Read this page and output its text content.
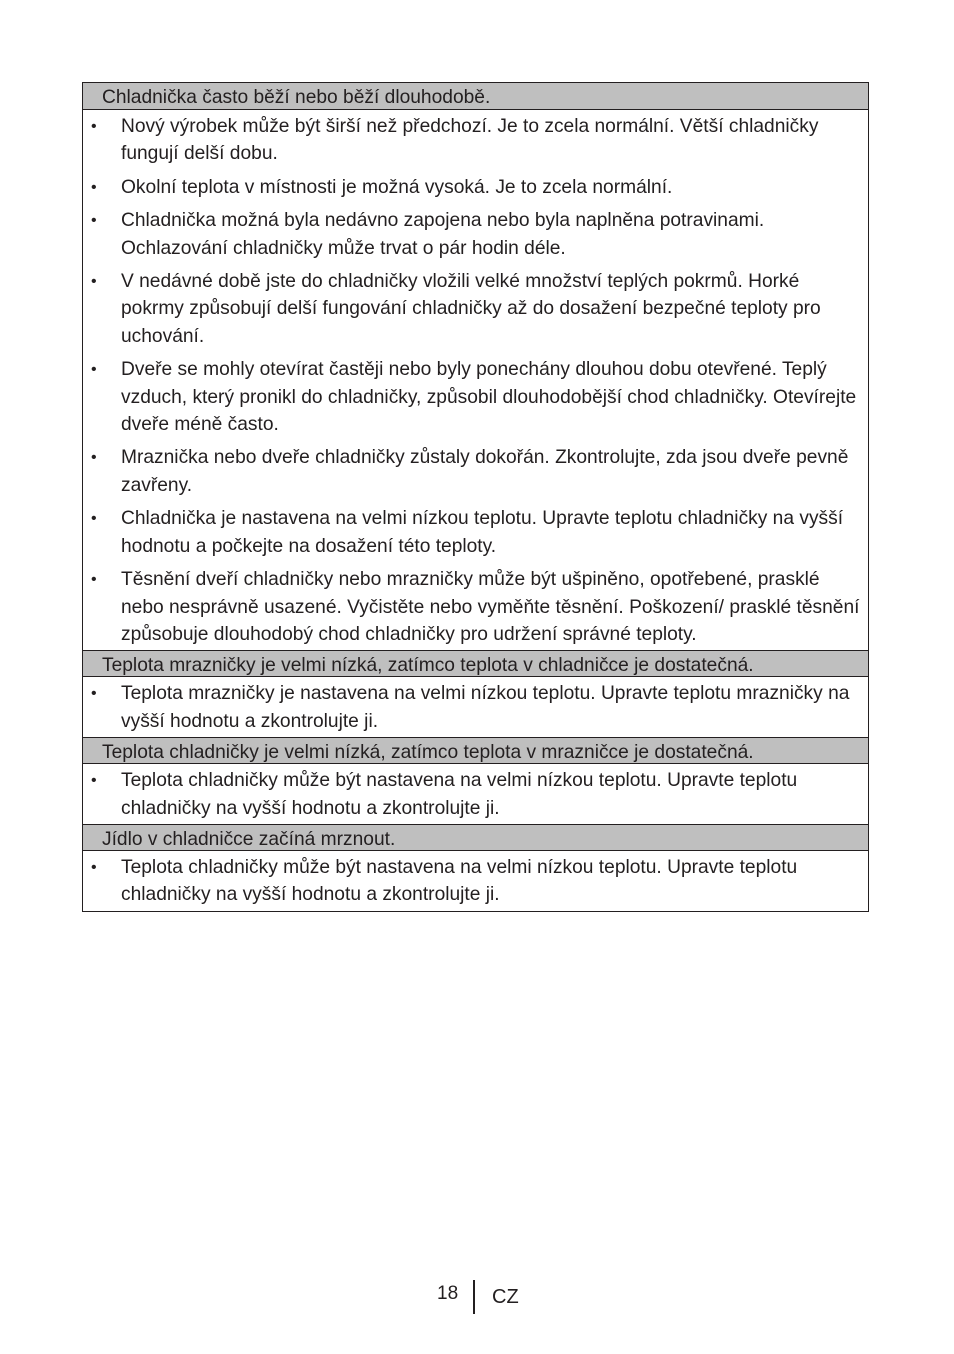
Chladnička často běží nebo běží dlouhodobě.
• Nový výrobek může být širší než předchozí. Je to zcela normální. Větší chladničky fungují delší dobu.
• Okolní teplota v místnosti je možná vysoká. Je to zcela normální.
• Chladnička možná byla nedávno zapojena nebo byla naplněna potravinami. Ochlazování chladničky může trvat o pár hodin déle.
• V nedávné době jste do chladničky vložili velké množství teplých pokrmů. Horké pokrmy způsobují delší fungování chladničky až do dosažení bezpečné teploty pro uchování.
• Dveře se mohly otevírat častěji nebo byly ponechány dlouhou dobu otevřené. Teplý vzduch, který pronikl do chladničky, způsobil dlouhodobější chod chladničky. Otevírejte dveře méně často.
• Mraznička nebo dveře chladničky zůstaly dokořán. Zkontrolujte, zda jsou dveře pevně zavřeny.
• Chladnička je nastavena na velmi nízkou teplotu. Upravte teplotu chladničky na vyšší hodnotu a počkejte na dosažení této teploty.
• Těsnění dveří chladničky nebo mrazničky může být ušpiněno, opotřebené, prasklé nebo nesprávně usazené. Vyčistěte nebo vyměňte těsnění. Poškození/ prasklé těsnění způsobuje dlouhodobý chod chladničky pro udržení správné teploty.
Teplota mrazničky je velmi nízká, zatímco teplota v chladničce je dostatečná.
• Teplota mrazničky je nastavena na velmi nízkou teplotu. Upravte teplotu mrazničky na vyšší hodnotu a zkontrolujte ji.
Teplota chladničky je velmi nízká, zatímco teplota v mrazničce je dostatečná.
• Teplota chladničky může být nastavena na velmi nízkou teplotu. Upravte teplotu chladničky na vyšší hodnotu a zkontrolujte ji.
Jídlo v chladničce začíná mrznout.
• Teplota chladničky může být nastavena na velmi nízkou teplotu. Upravte teplotu chladničky na vyšší hodnotu a zkontrolujte ji.
18 CZ
